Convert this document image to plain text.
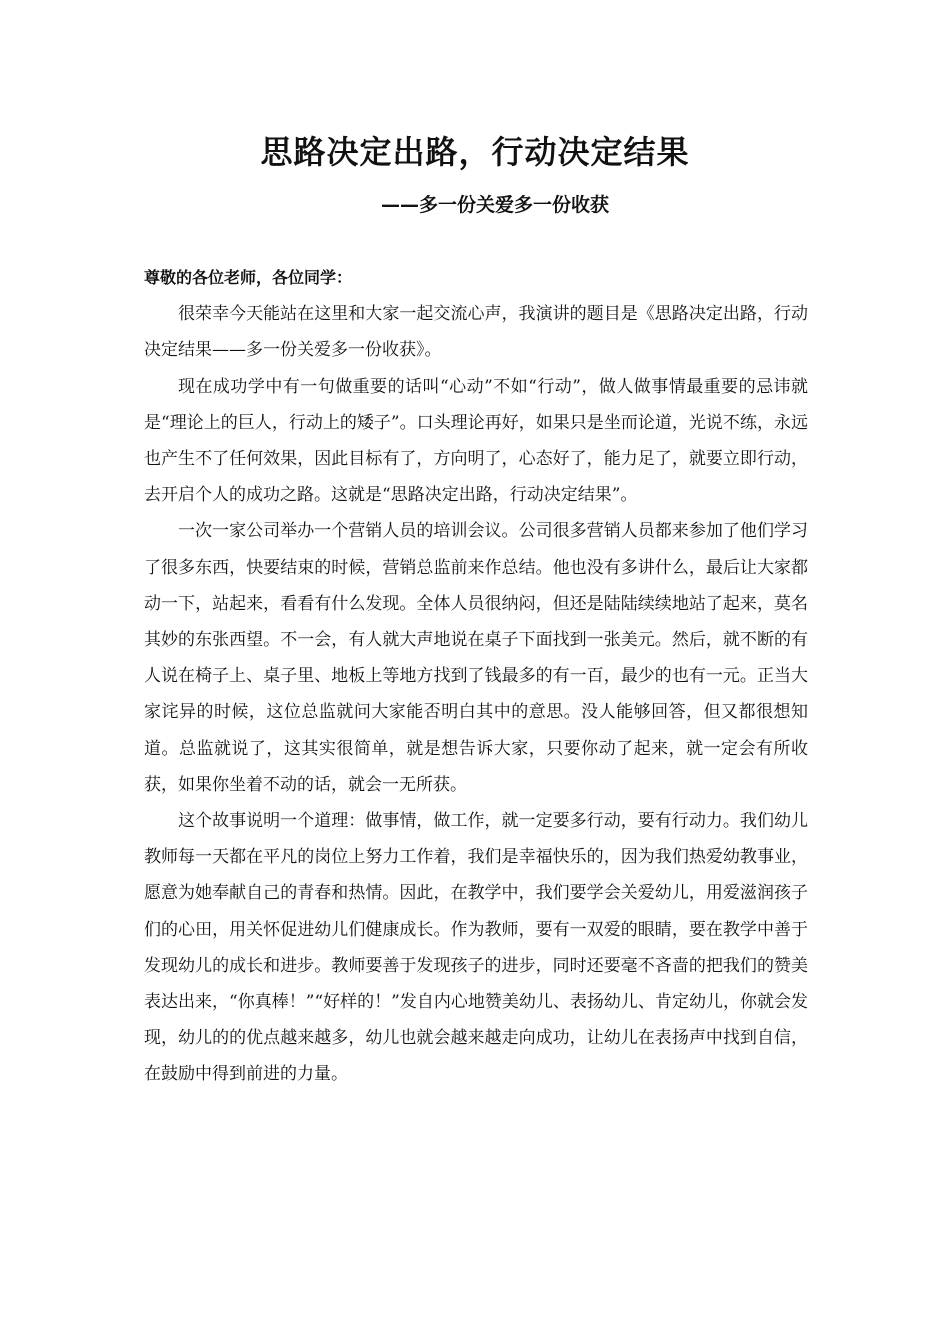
思路决定出路，行动决定结果
——多一份关爱多一份收获

尊敬的各位老师，各位同学：

很荣幸今天能站在这里和大家一起交流心声，我演讲的题目是《思路决定出路，行动决定结果——多一份关爱多一份收获》。

现在成功学中有一句做重要的话叫“心动”不如“行动”，做人做事情最重要的忌讳就是“理论上的巨人，行动上的矮子”。口头理论再好，如果只是坐而论道，光说不练，永远也产生不了任何效果，因此目标有了，方向明了，心态好了，能力足了，就要立即行动，去开启个人的成功之路。这就是“思路决定出路，行动决定结果”。

一次一家公司举办一个营销人员的培训会议。公司很多营销人员都来参加了他们学习了很多东西，快要结束的时候，营销总监前来作总结。他也没有多讲什么，最后让大家都动一下，站起来，看看有什么发现。全体人员很纳闷，但还是陆陆续续地站了起来，莫名其妙的东张西望。不一会，有人就大声地说在桌子下面找到一张美元。然后，就不断的有人说在椅子上、桌子里、地板上等地方找到了钱最多的有一百，最少的也有一元。正当大家诧异的时候，这位总监就问大家能否明白其中的意思。没人能够回答，但又都很想知道。总监就说了，这其实很简单，就是想告诉大家，只要你动了起来，就一定会有所收获，如果你坐着不动的话，就会一无所获。

这个故事说明一个道理：做事情，做工作，就一定要多行动，要有行动力。我们幼儿教师每一天都在平凡的岗位上努力工作着，我们是幸福快乐的，因为我们热爱幼教事业，愿意为她奉献自己的青春和热情。因此，在教学中，我们要学会关爱幼儿，用爱滋润孩子们的心田，用关怀促进幼儿们健康成长。作为教师，要有一双爱的眼睛，要在教学中善于发现幼儿的成长和进步。教师要善于发现孩子的进步，同时还要毫不吝啬的把我们的赞美表达出来，“你真棒！”“好样的！”发自内心地赞美幼儿、表扬幼儿、肯定幼儿，你就会发现，幼儿的的优点越来越多，幼儿也就会越来越走向成功，让幼儿在表扬声中找到自信，在鼓励中得到前进的力量。
